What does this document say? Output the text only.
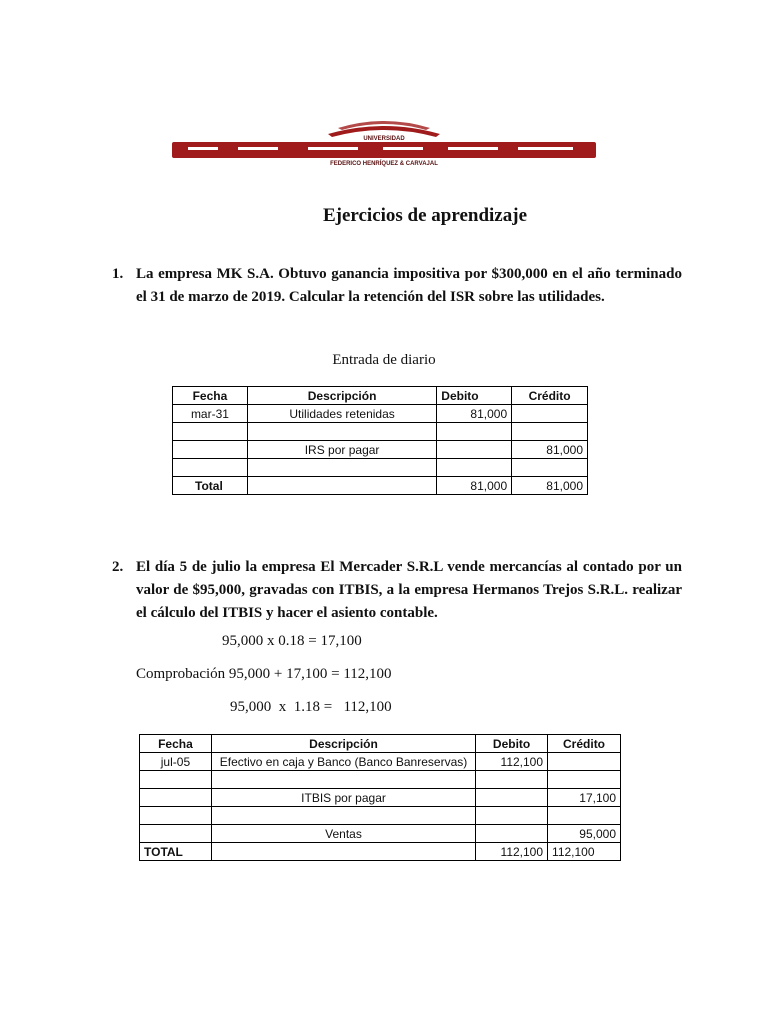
UNIVERSIDAD
FEDERICO HENRÍQUEZ & CARVAJAL
Ejercicios de aprendizaje
1. La empresa MK S.A. Obtuvo ganancia impositiva por $300,000 en el año terminado el 31 de marzo de 2019. Calcular la retención del ISR sobre las utilidades.
Entrada de diario
Fecha	Descripción	Debito	Crédito
mar-31	Utilidades retenidas	81,000	

	IRS por pagar		81,000

Total		81,000	81,000
2. El día 5 de julio la empresa El Mercader S.R.L vende mercancías al contado por un valor de $95,000, gravadas con ITBIS, a la empresa Hermanos Trejos S.R.L. realizar el cálculo del ITBIS y hacer el asiento contable.
95,000 x 0.18 = 17,100
Comprobación 95,000 + 17,100 = 112,100
95,000  x  1.18 =   112,100
Fecha	Descripción	Debito	Crédito
jul-05	Efectivo en caja y Banco (Banco Banreservas)	112,100	

	ITBIS por pagar		17,100

	Ventas		95,000
TOTAL		112,100	112,100
